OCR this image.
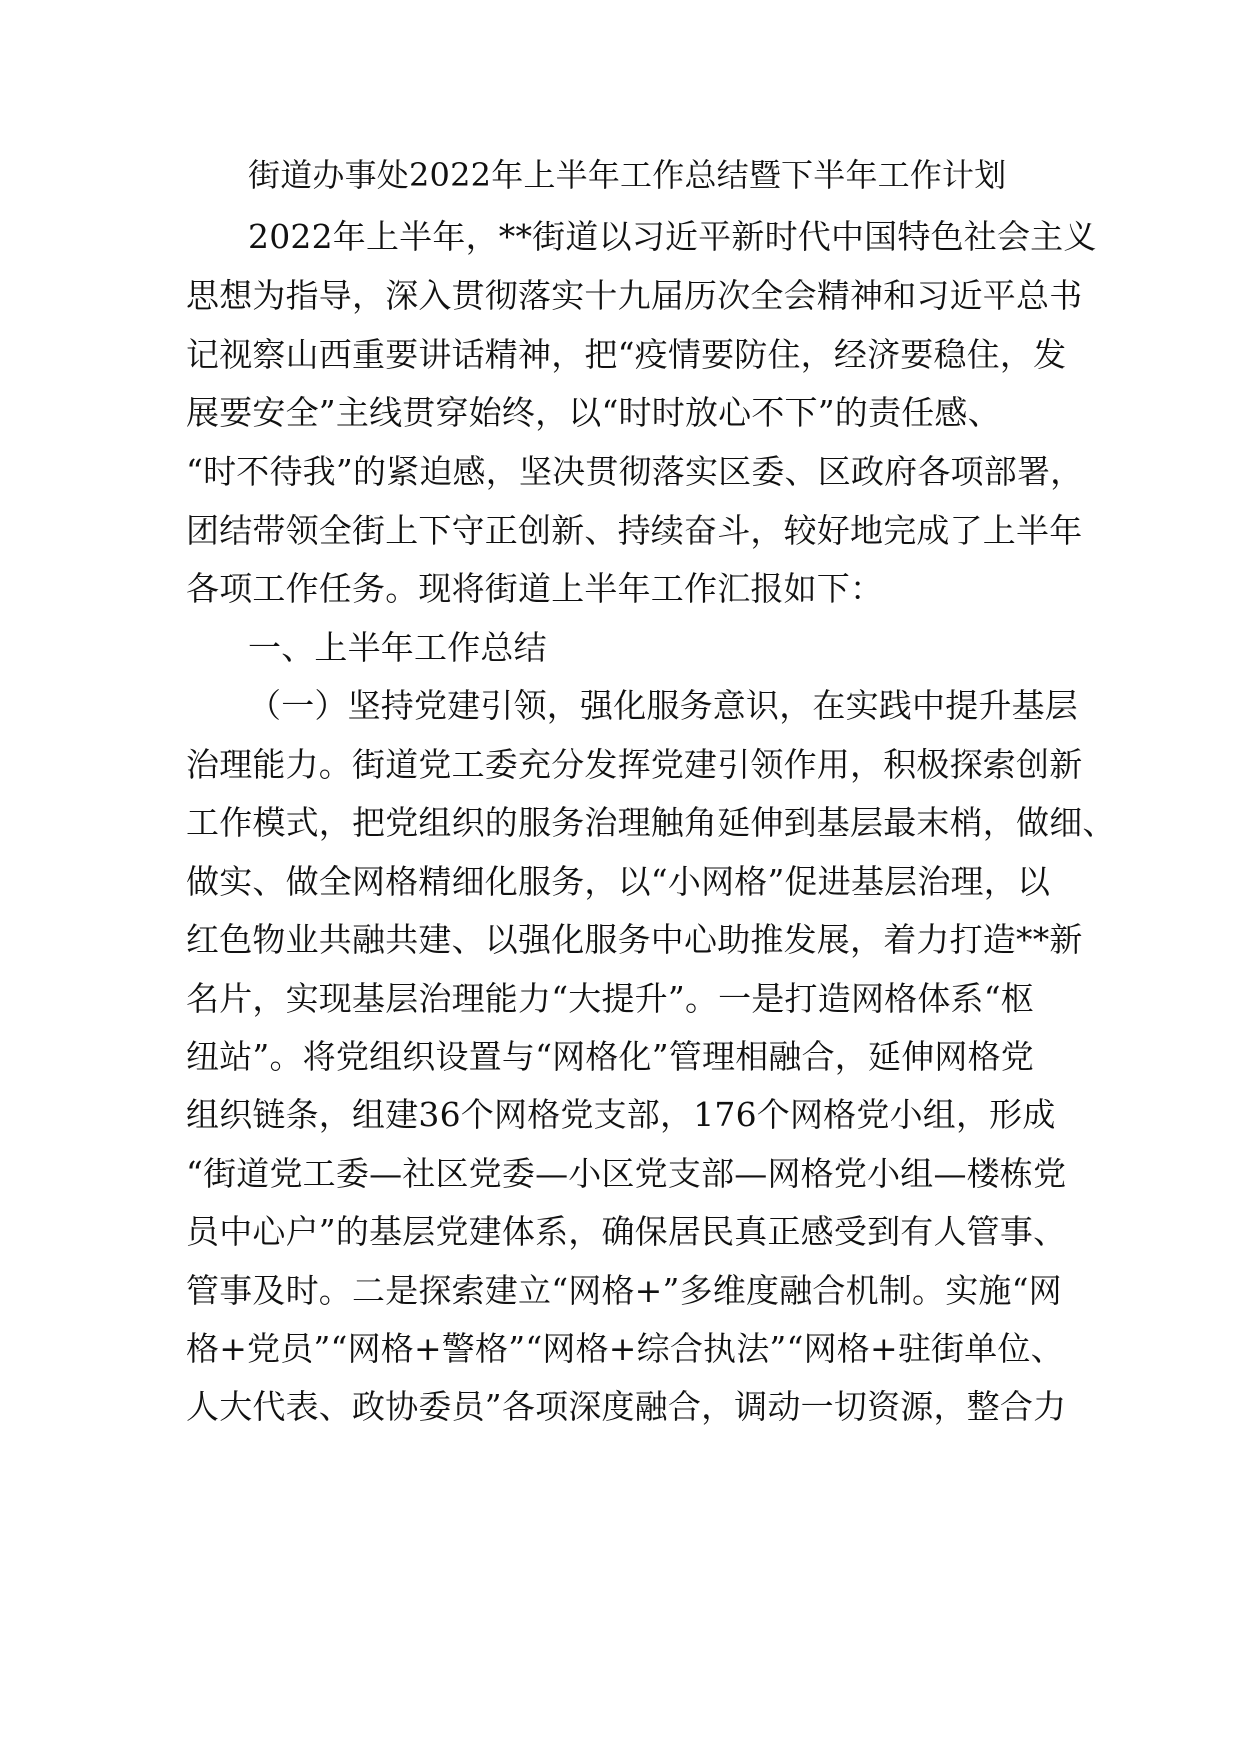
街道办事处2022年上半年工作总结暨下半年工作计划
2022年上半年，**街道以习近平新时代中国特色社会主义
思想为指导，深入贯彻落实十九届历次全会精神和习近平总书
记视察山西重要讲话精神，把“疫情要防住，经济要稳住，发
展要安全”主线贯穿始终，以“时时放心不下”的责任感、
“时不待我”的紧迫感，坚决贯彻落实区委、区政府各项部署，
团结带领全街上下守正创新、持续奋斗，较好地完成了上半年
各项工作任务。现将街道上半年工作汇报如下：
一、上半年工作总结
（一）坚持党建引领，强化服务意识，在实践中提升基层
治理能力。街道党工委充分发挥党建引领作用，积极探索创新
工作模式，把党组织的服务治理触角延伸到基层最末梢，做细、
做实、做全网格精细化服务，以“小网格”促进基层治理，以
红色物业共融共建、以强化服务中心助推发展，着力打造**新
名片，实现基层治理能力“大提升”。一是打造网格体系“枢
纽站”。将党组织设置与“网格化”管理相融合，延伸网格党
组织链条，组建36个网格党支部，176个网格党小组，形成
“街道党工委—社区党委—小区党支部—网格党小组—楼栋党
员中心户”的基层党建体系，确保居民真正感受到有人管事、
管事及时。二是探索建立“网格+”多维度融合机制。实施“网
格+党员”“网格+警格”“网格+综合执法”“网格+驻街单位、
人大代表、政协委员”各项深度融合，调动一切资源，整合力
